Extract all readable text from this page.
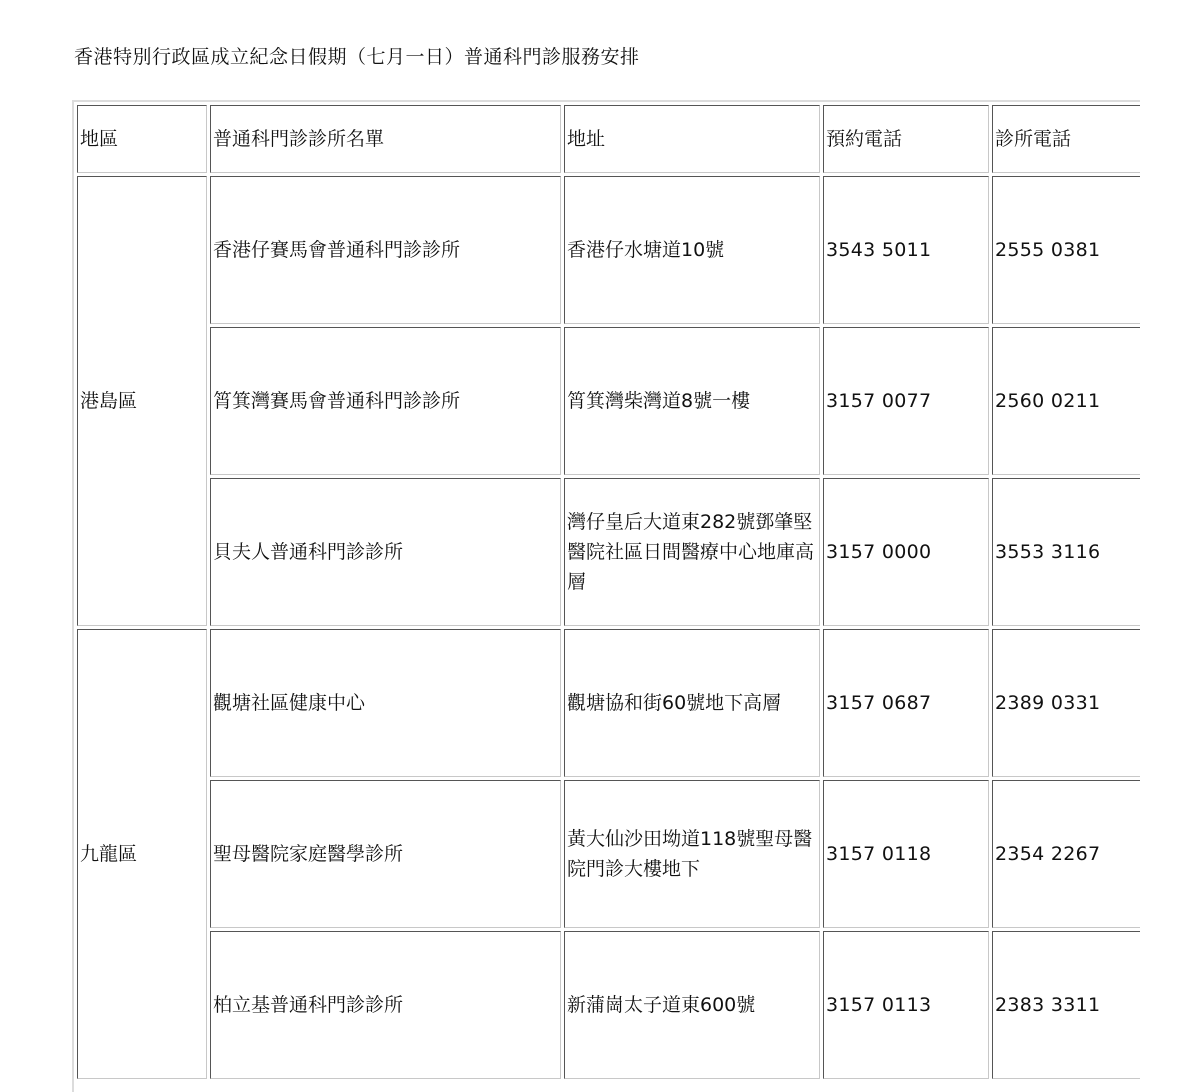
香港特別行政區成立紀念日假期（七月一日）普通科門診服務安排
地區	普通科門診診所名單	地址	預約電話	診所電話
港島區	香港仔賽馬會普通科門診診所	香港仔水塘道10號	3543 5011	2555 0381
	筲箕灣賽馬會普通科門診診所	筲箕灣柴灣道8號一樓	3157 0077	2560 0211
	貝夫人普通科門診診所	灣仔皇后大道東282號鄧肇堅醫院社區日間醫療中心地庫高層	3157 0000	3553 3116
九龍區	觀塘社區健康中心	觀塘協和街60號地下高層	3157 0687	2389 0331
	聖母醫院家庭醫學診所	黃大仙沙田坳道118號聖母醫院門診大樓地下	3157 0118	2354 2267
	柏立基普通科門診診所	新蒲崗太子道東600號	3157 0113	2383 3311
